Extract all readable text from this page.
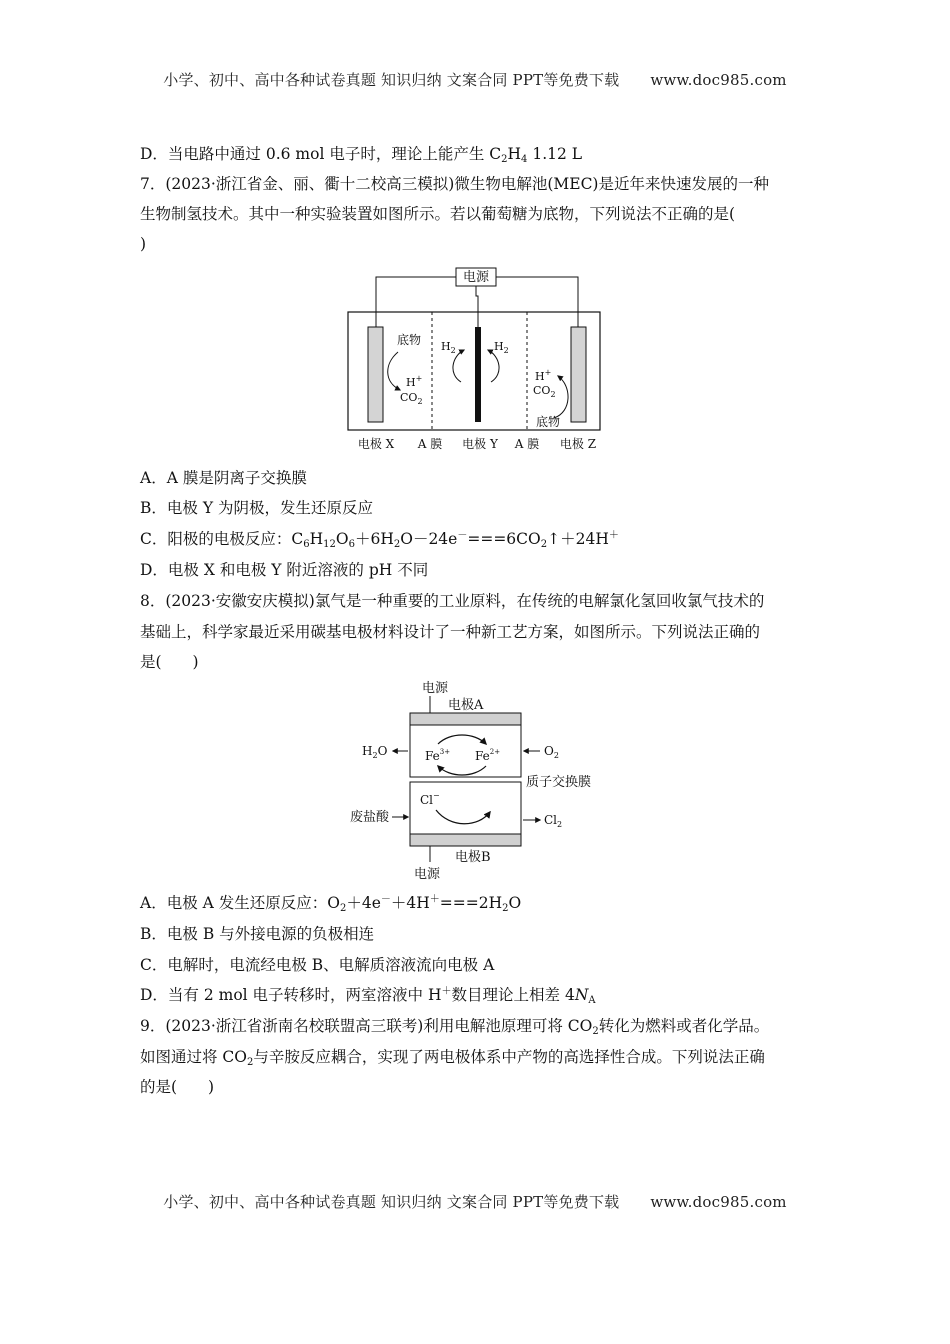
小学、初中、高中各种试卷真题 知识归纳 文案合同 PPT等免费下载 www.doc985.com
D．当电路中通过 0.6 mol 电子时，理论上能产生 $C_2H_4$ 1.12 L
7．(2023·浙江省金、丽、衢十二校高三模拟)微生物电解池(MEC)是近年来快速发展的一种
生物制氢技术。其中一种实验装置如图所示。若以葡萄糖为底物，下列说法不正确的是(
)
电源
底物
H+
$CO_2$
$H_2$	$H_2$
H+
$CO_2$
底物
电极 X A 膜 电极 Y A 膜 电极 Z
A．A 膜是阴离子交换膜
B．电极 Y 为阴极，发生还原反应
C．阳极的电极反应：$C_6H_{12}O_6+6H_2O-24e^-===6CO_2↑+24H^+$
D．电极 X 和电极 Y 附近溶液的 pH 不同
8．(2023·安徽安庆模拟)氯气是一种重要的工业原料，在传统的电解氯化氢回收氯气技术的
基础上，科学家最近采用碳基电极材料设计了一种新工艺方案，如图所示。下列说法正确的
是(　　)
电源
电极A
$Fe^{3+}$ $Fe^{2+}$
$H_2O$	$O_2$
质子交换膜
Cl−
废盐酸	$Cl_2$
电极B
电源
A．电极 A 发生还原反应：$O_2+4e^-+4H^+===2H_2O$
B．电极 B 与外接电源的负极相连
C．电解时，电流经电极 B、电解质溶液流向电极 A
D．当有 2 mol 电子转移时，两室溶液中 H＋数目理论上相差 $4N_A$
9．(2023·浙江省浙南名校联盟高三联考)利用电解池原理可将 $CO_2$转化为燃料或者化学品。
如图通过将 $CO_2$与辛胺反应耦合，实现了两电极体系中产物的高选择性合成。下列说法正确
的是(　　)
小学、初中、高中各种试卷真题 知识归纳 文案合同 PPT等免费下载 www.doc985.com
